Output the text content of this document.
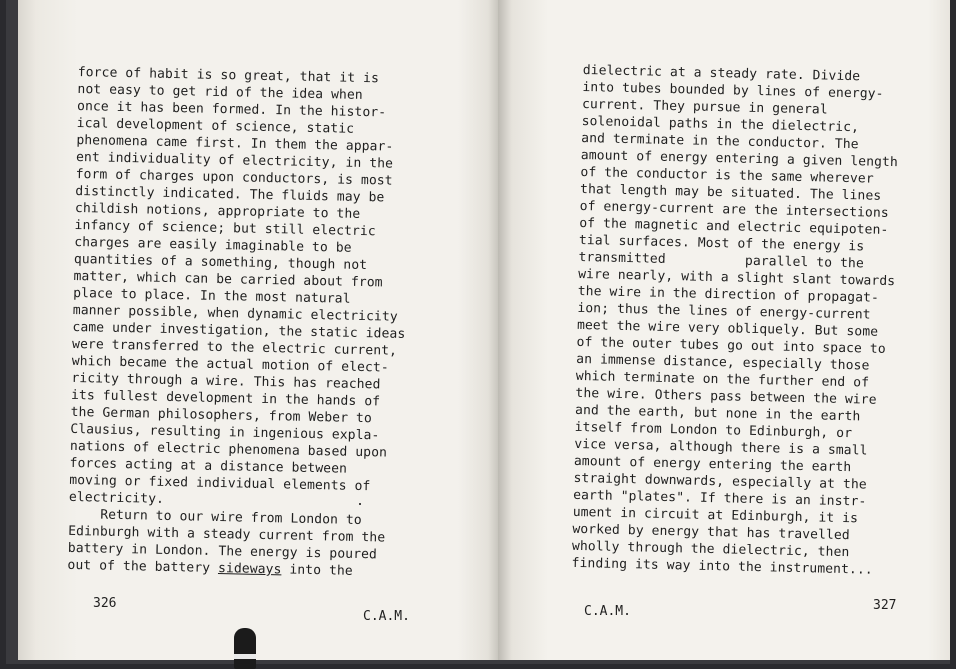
force of habit is so great, that it is
not easy to get rid of the idea when
once it has been formed. In the histor-
ical development of science, static
phenomena came first. In them the appar-
ent individuality of electricity, in the
form of charges upon conductors, is most
distinctly indicated. The fluids may be
childish notions, appropriate to the
infancy of science; but still electric
charges are easily imaginable to be
quantities of a something, though not
matter, which can be carried about from
place to place. In the most natural
manner possible, when dynamic electricity
came under investigation, the static ideas
were transferred to the electric current,
which became the actual motion of elect-
ricity through a wire. This has reached
its fullest development in the hands of
the German philosophers, from Weber to
Clausius, resulting in ingenious expla-
nations of electric phenomena based upon
forces acting at a distance between
moving or fixed individual elements of
electricity.
Return to our wire from London to
Edinburgh with a steady current from the
battery in London. The energy is poured
out of the battery sideways into the
326
C.A.M.
dielectric at a steady rate. Divide
into tubes bounded by lines of energy-
current. They pursue in general
solenoidal paths in the dielectric,
and terminate in the conductor. The
amount of energy entering a given length
of the conductor is the same wherever
that length may be situated. The lines
of energy-current are the intersections
of the magnetic and electric equipoten-
tial surfaces. Most of the energy is
transmitted          parallel to the
wire nearly, with a slight slant towards
the wire in the direction of propagat-
ion; thus the lines of energy-current
meet the wire very obliquely. But some
of the outer tubes go out into space to
an immense distance, especially those
which terminate on the further end of
the wire. Others pass between the wire
and the earth, but none in the earth
itself from London to Edinburgh, or
vice versa, although there is a small
amount of energy entering the earth
straight downwards, especially at the
earth "plates". If there is an instr-
ument in circuit at Edinburgh, it is
worked by energy that has travelled
wholly through the dielectric, then
finding its way into the instrument...
C.A.M.	327
